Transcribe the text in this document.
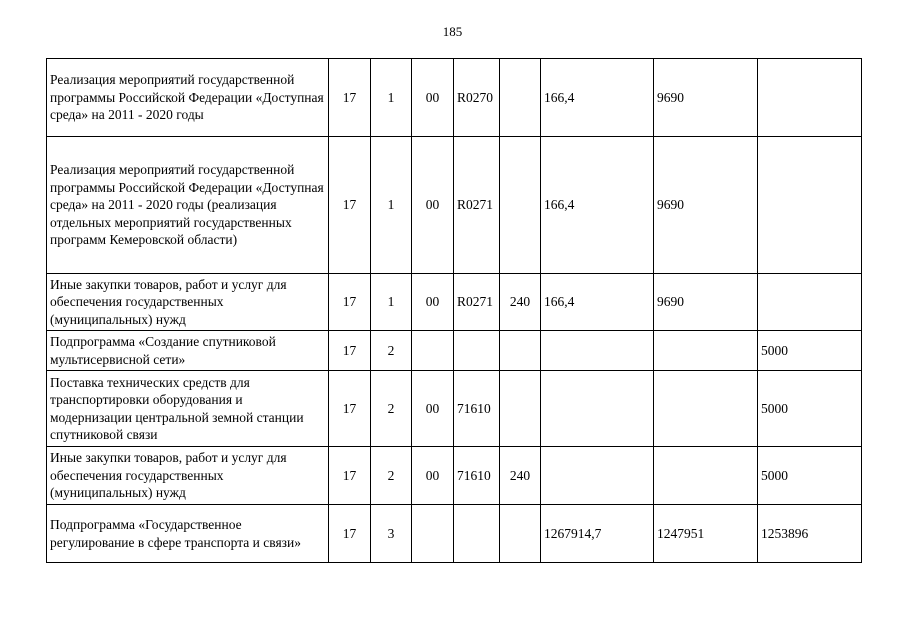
185
Реализация мероприятий государственной программы Российской Федерации «Доступная среда» на 2011 - 2020 годы	17	1	00	R0270		166,4	9690	
Реализация мероприятий государственной программы Российской Федерации «Доступная среда» на 2011 - 2020 годы (реализация отдельных мероприятий государственных программ Кемеровской области)	17	1	00	R0271		166,4	9690	
Иные закупки товаров, работ и услуг для обеспечения государственных (муниципальных) нужд	17	1	00	R0271	240	166,4	9690	
Подпрограмма «Создание спутниковой мультисервисной сети»	17	2						5000
Поставка технических средств для транспортировки оборудования и модернизации центральной земной станции спутниковой связи	17	2	00	71610				5000
Иные закупки товаров, работ и услуг для обеспечения государственных (муниципальных) нужд	17	2	00	71610	240			5000
Подпрограмма «Государственное регулирование в сфере транспорта и связи»	17	3				1267914,7	1247951	1253896
